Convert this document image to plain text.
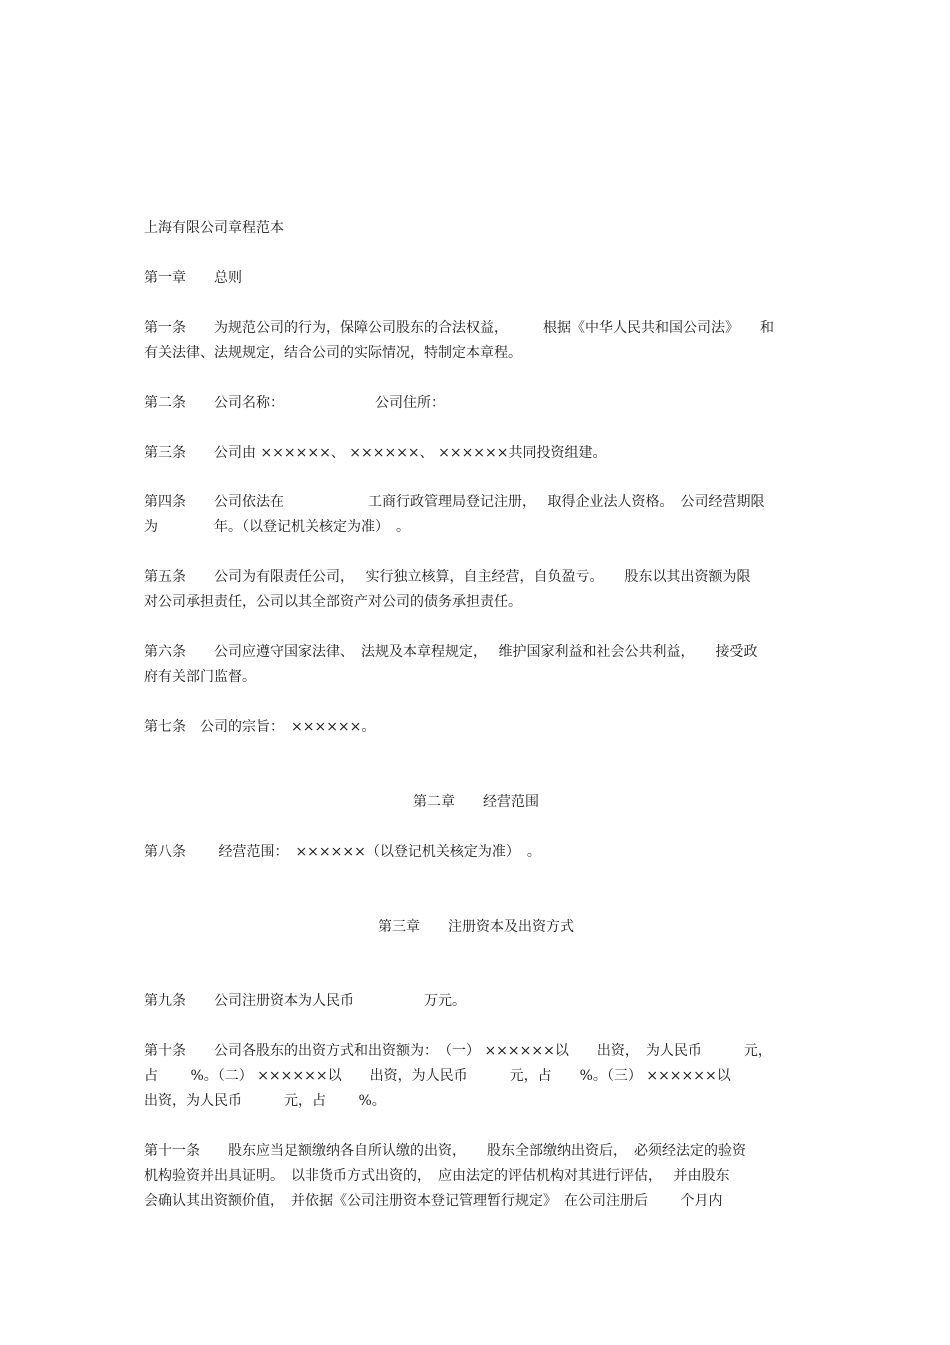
上海有限公司章程范本
第一章　　总则
第一条　　为规范公司的行为，保障公司股东的合法权益，　　　根据《中华人民共和国公司法》　　和
有关法律、法规规定，结合公司的实际情况，特制定本章程。
第二条　　公司名称：　　　　　　　公司住所：
第三条　　公司由 ××××××、 ××××××、 ××××××共同投资组建。
第四条　　公司依法在　　　　　　工商行政管理局登记注册，　 取得企业法人资格。　公司经营期限
为　　　　年。（以登记机关核定为准）　。
第五条　　公司为有限责任公司，　 实行独立核算，自主经营，自负盈亏。　　股东以其出资额为限
对公司承担责任，公司以其全部资产对公司的债务承担责任。
第六条　　公司应遵守国家法律、　法规及本章程规定，　 维护国家利益和社会公共利益，　　接受政
府有关部门监督。
第七条　公司的宗旨：　××××××。
第二章　　经营范围
第八条　　 经营范围：　××××××（以登记机关核定为准）　。
第三章　　注册资本及出资方式
第九条　　公司注册资本为人民币　　　　　万元。
第十条　　公司各股东的出资方式和出资额为：　（一） ××××××以　　出资，　为人民币　　　元，
占　　 %。（二） ××××××以　　出资，为人民币　　　元，占　　%。（三） ××××××以
出资，为人民币　　　元，占　　 %。
第十一条　　股东应当足额缴纳各自所认缴的出资，　　股东全部缴纳出资后，　必须经法定的验资
机构验资并出具证明。　以非货币方式出资的，　应由法定的评估机构对其进行评估，　 并由股东
会确认其出资额价值，　并依据《公司注册资本登记管理暂行规定》　在公司注册后　　 个月内
